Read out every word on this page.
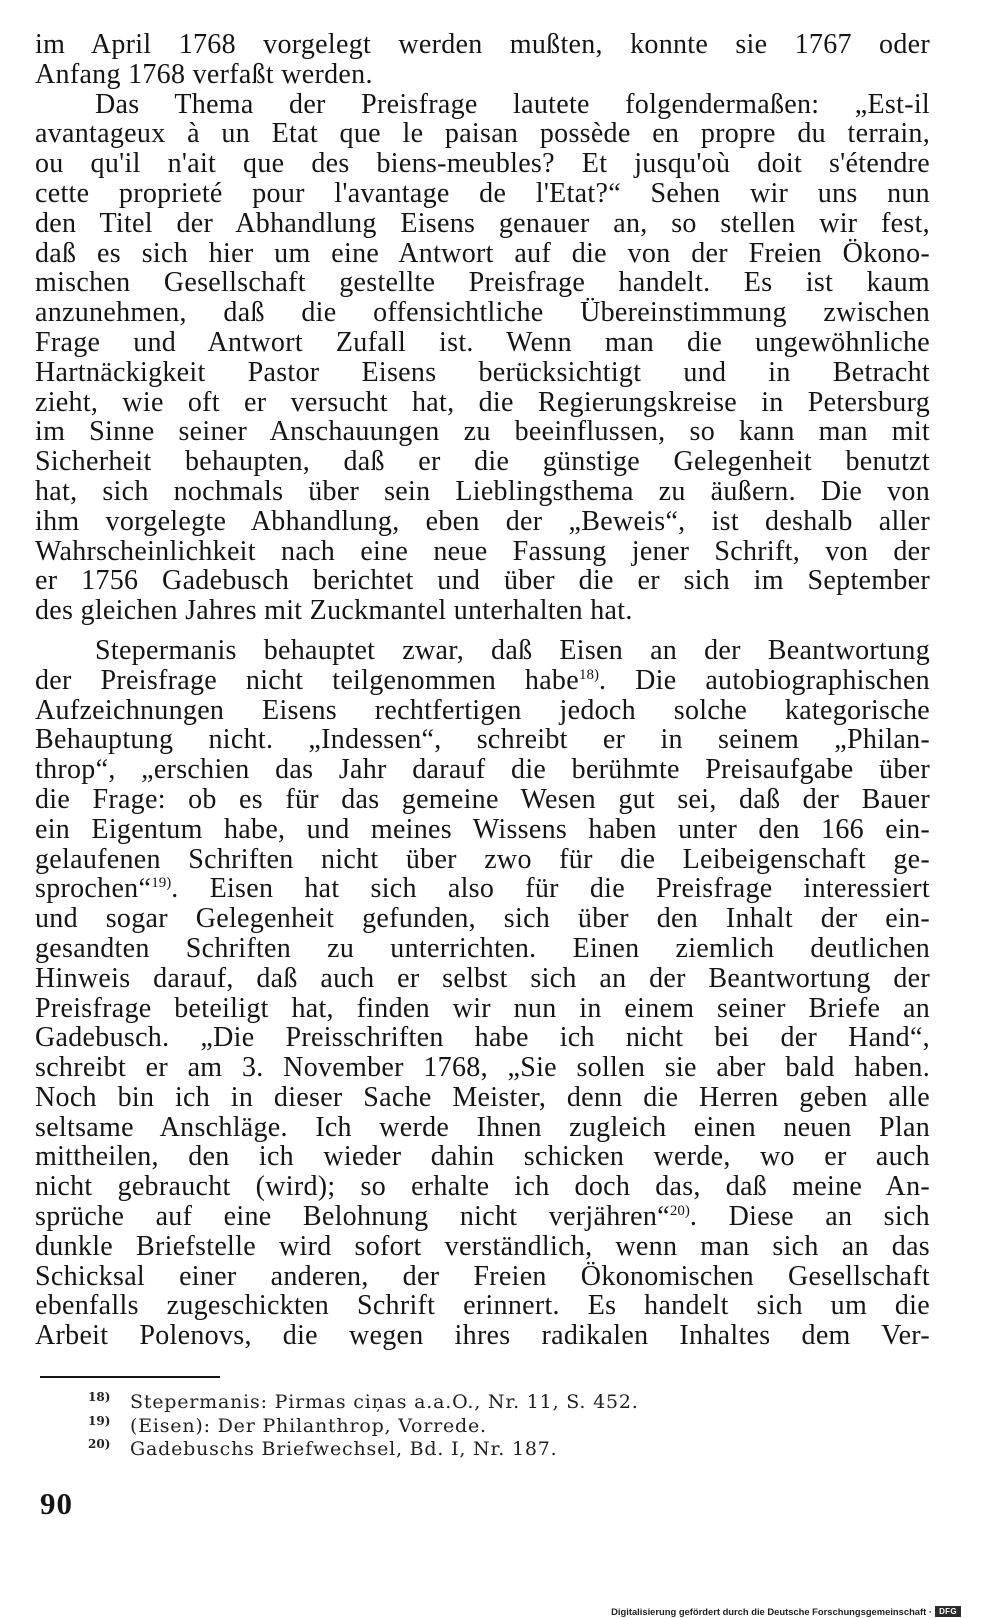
im April 1768 vorgelegt werden mußten, konnte sie 1767 oder
Anfang 1768 verfaßt werden.
Das Thema der Preisfrage lautete folgendermaßen: „Est-il
avantageux à un Etat que le paisan possède en propre du terrain,
ou qu'il n'ait que des biens-meubles? Et jusqu'où doit s'étendre
cette proprieté pour l'avantage de l'Etat?“ Sehen wir uns nun
den Titel der Abhandlung Eisens genauer an, so stellen wir fest,
daß es sich hier um eine Antwort auf die von der Freien Ökono-
mischen Gesellschaft gestellte Preisfrage handelt. Es ist kaum
anzunehmen, daß die offensichtliche Übereinstimmung zwischen
Frage und Antwort Zufall ist. Wenn man die ungewöhnliche
Hartnäckigkeit Pastor Eisens berücksichtigt und in Betracht
zieht, wie oft er versucht hat, die Regierungskreise in Petersburg
im Sinne seiner Anschauungen zu beeinflussen, so kann man mit
Sicherheit behaupten, daß er die günstige Gelegenheit benutzt
hat, sich nochmals über sein Lieblingsthema zu äußern. Die von
ihm vorgelegte Abhandlung, eben der „Beweis“, ist deshalb aller
Wahrscheinlichkeit nach eine neue Fassung jener Schrift, von der
er 1756 Gadebusch berichtet und über die er sich im September
des gleichen Jahres mit Zuckmantel unterhalten hat.
Stepermanis behauptet zwar, daß Eisen an der Beantwortung
der Preisfrage nicht teilgenommen habe$^{18)}$. Die autobiographischen
Aufzeichnungen Eisens rechtfertigen jedoch solche kategorische
Behauptung nicht. „Indessen“, schreibt er in seinem „Philan-
throp“, „erschien das Jahr darauf die berühmte Preisaufgabe über
die Frage: ob es für das gemeine Wesen gut sei, daß der Bauer
ein Eigentum habe, und meines Wissens haben unter den 166 ein-
gelaufenen Schriften nicht über zwo für die Leibeigenschaft ge-
sprochen“$^{19)}$. Eisen hat sich also für die Preisfrage interessiert
und sogar Gelegenheit gefunden, sich über den Inhalt der ein-
gesandten Schriften zu unterrichten. Einen ziemlich deutlichen
Hinweis darauf, daß auch er selbst sich an der Beantwortung der
Preisfrage beteiligt hat, finden wir nun in einem seiner Briefe an
Gadebusch. „Die Preisschriften habe ich nicht bei der Hand“,
schreibt er am 3. November 1768, „Sie sollen sie aber bald haben.
Noch bin ich in dieser Sache Meister, denn die Herren geben alle
seltsame Anschläge. Ich werde Ihnen zugleich einen neuen Plan
mittheilen, den ich wieder dahin schicken werde, wo er auch
nicht gebraucht (wird); so erhalte ich doch das, daß meine An-
sprüche auf eine Belohnung nicht verjähren“$^{20)}$. Diese an sich
dunkle Briefstelle wird sofort verständlich, wenn man sich an das
Schicksal einer anderen, der Freien Ökonomischen Gesellschaft
ebenfalls zugeschickten Schrift erinnert. Es handelt sich um die
Arbeit Polenovs, die wegen ihres radikalen Inhaltes dem Ver-
18) Stepermanis: Pirmas ciņas a.a.O., Nr. 11, S. 452.
19) (Eisen): Der Philanthrop, Vorrede.
20) Gadebuschs Briefwechsel, Bd. I, Nr. 187.
90
Digitalisierung gefördert durch die Deutsche Forschungsgemeinschaft · DFG
